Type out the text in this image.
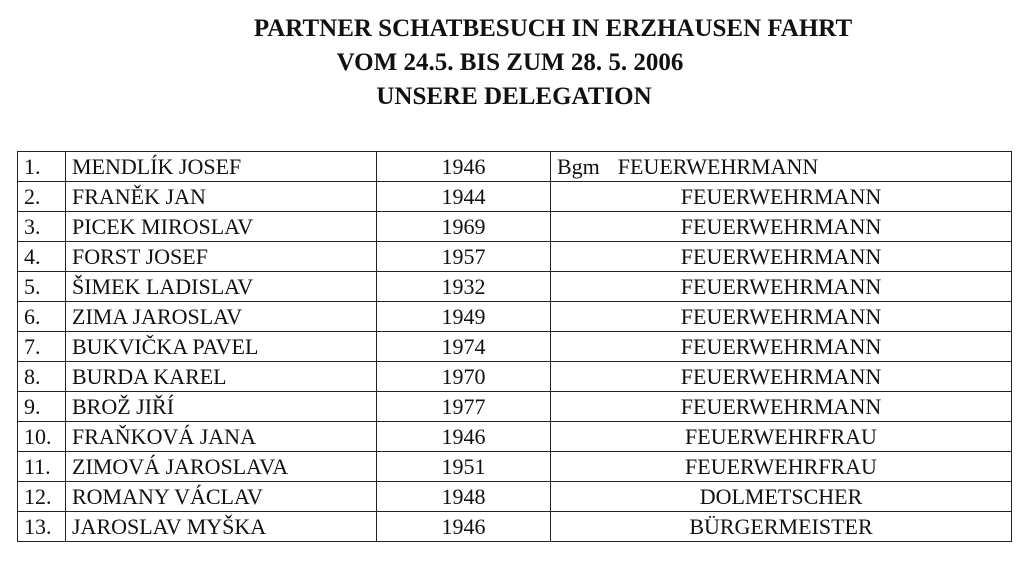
PARTNER SCHATBESUCH IN ERZHAUSEN FAHRT
VOM 24.5. BIS ZUM 28. 5. 2006
UNSERE DELEGATION
1.	MENDLÍK JOSEF	1946	Bgm FEUERWEHRMANN
2.	FRANĚK JAN	1944	FEUERWEHRMANN
3.	PICEK MIROSLAV	1969	FEUERWEHRMANN
4.	FORST JOSEF	1957	FEUERWEHRMANN
5.	ŠIMEK LADISLAV	1932	FEUERWEHRMANN
6.	ZIMA JAROSLAV	1949	FEUERWEHRMANN
7.	BUKVIČKA PAVEL	1974	FEUERWEHRMANN
8.	BURDA KAREL	1970	FEUERWEHRMANN
9.	BROŽ JIŘÍ	1977	FEUERWEHRMANN
10.	FRAŇKOVÁ JANA	1946	FEUERWEHRFRAU
11.	ZIMOVÁ JAROSLAVA	1951	FEUERWEHRFRAU
12.	ROMANY VÁCLAV	1948	DOLMETSCHER
13.	JAROSLAV MYŠKA	1946	BÜRGERMEISTER
